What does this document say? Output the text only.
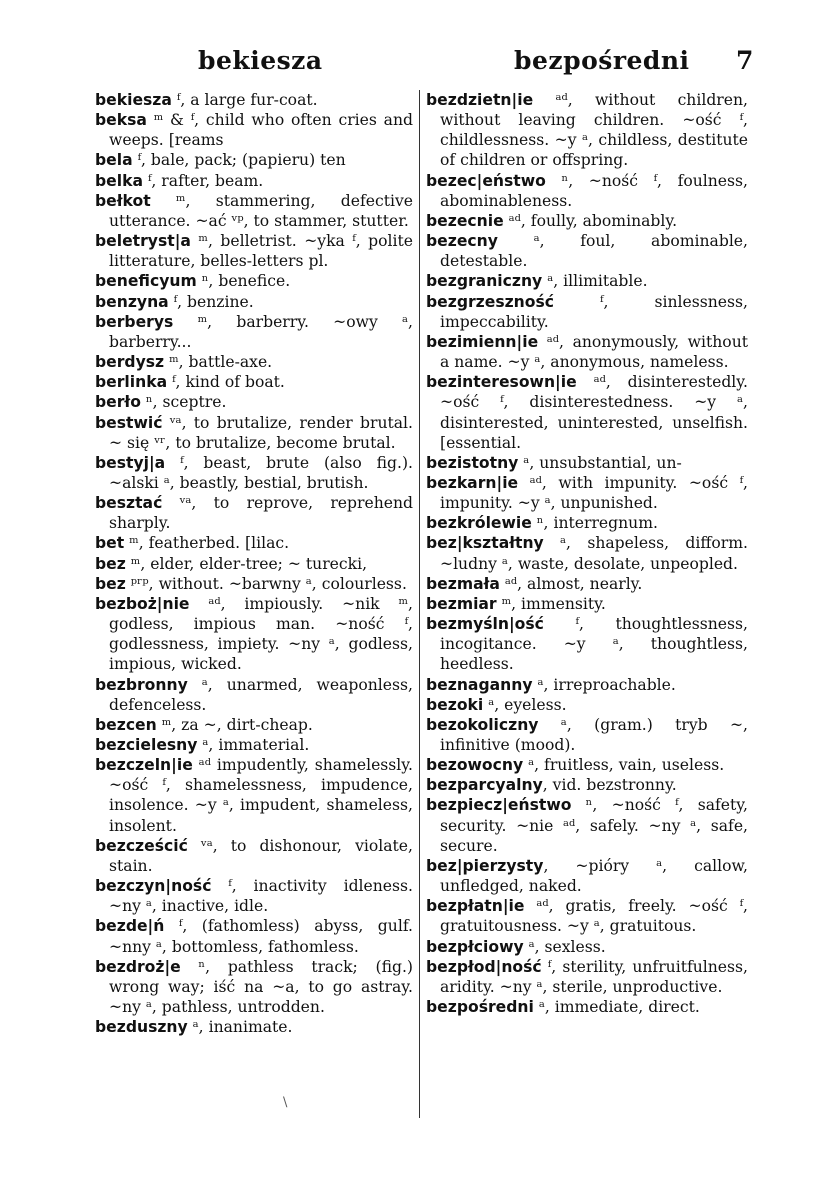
bekiesza	bezpośredni 7

bekiesza ᶠ, a large fur-coat.

beksa ᵐ & ᶠ, child who often cries and weeps. [reams

bela ᶠ, bale, pack; (papieru) ten

belka ᶠ, rafter, beam.

bełkot ᵐ, stammering, defective utterance. ~ać ᵛᵖ, to stammer, stutter.

beletryst|a ᵐ, belletrist. ~yka ᶠ, polite litterature, belles-letters pl.

beneficyum ⁿ, benefice.

benzyna ᶠ, benzine.

berberys ᵐ, barberry. ~owy ᵃ, barberry...

berdysz ᵐ, battle-axe.

berlinka ᶠ, kind of boat.

berło ⁿ, sceptre.

bestwić ᵛᵃ, to brutalize, render brutal. ~ się ᵛʳ, to brutalize, become brutal.

bestyj|a ᶠ, beast, brute (also fig.). ~alski ᵃ, beastly, bestial, brutish.

besztać ᵛᵃ, to reprove, reprehend sharply.

bet ᵐ, featherbed. [lilac.

bez ᵐ, elder, elder-tree; ~ turecki,

bez ᵖʳᵖ, without. ~barwny ᵃ, colourless.

bezboż|nie ᵃᵈ, impiously. ~nik ᵐ, godless, impious man. ~ność ᶠ, godlessness, impiety. ~ny ᵃ, godless, impious, wicked.

bezbronny ᵃ, unarmed, weaponless, defenceless.

bezcen ᵐ, za ~, dirt-cheap.

bezcielesny ᵃ, immaterial.

bezczeln|ie ᵃᵈ impudently, shamelessly. ~ość ᶠ, shamelessness, impudence, insolence. ~y ᵃ, impudent, shameless, insolent.

bezcześcić ᵛᵃ, to dishonour, violate, stain.

bezczyn|ność ᶠ, inactivity idleness. ~ny ᵃ, inactive, idle.

bezde|ń ᶠ, (fathomless) abyss, gulf. ~nny ᵃ, bottomless, fathomless.

bezdroż|e ⁿ, pathless track; (fig.) wrong way; iść na ~a, to go astray. ~ny ᵃ, pathless, untrodden.

bezduszny ᵃ, inanimate.

bezdzietn|ie ᵃᵈ, without children, without leaving children. ~ość ᶠ, childlessness. ~y ᵃ, childless, destitute of children or offspring.

bezec|eństwo ⁿ, ~ność ᶠ, foulness, abominableness.

bezecnie ᵃᵈ, foully, abominably.

bezecny ᵃ, foul, abominable, detestable.

bezgraniczny ᵃ, illimitable.

bezgrzeszność ᶠ, sinlessness, impeccability.

bezimienn|ie ᵃᵈ, anonymously, without a name. ~y ᵃ, anonymous, nameless.

bezinteresown|ie ᵃᵈ, disinterestedly. ~ość ᶠ, disinterestedness. ~y ᵃ, disinterested, uninterested, unselfish. [essential.

bezistotny ᵃ, unsubstantial, un-

bezkarn|ie ᵃᵈ, with impunity. ~ość ᶠ, impunity. ~y ᵃ, unpunished.

bezkrólewie ⁿ, interregnum.

bez|kształtny ᵃ, shapeless, difform. ~ludny ᵃ, waste, desolate, unpeopled.

bezmała ᵃᵈ, almost, nearly.

bezmiar ᵐ, immensity.

bezmyśln|ość ᶠ, thoughtlessness, incogitance. ~y ᵃ, thoughtless, heedless.

beznaganny ᵃ, irreproachable.

bezoki ᵃ, eyeless.

bezokoliczny ᵃ, (gram.) tryb ~, infinitive (mood).

bezowocny ᵃ, fruitless, vain, useless.

bezparcyalny, vid. bezstronny.

bezpiecz|eństwo ⁿ, ~ność ᶠ, safety, security. ~nie ᵃᵈ, safely. ~ny ᵃ, safe, secure.

bez|pierzysty, ~pióry ᵃ, callow, unfledged, naked.

bezpłatn|ie ᵃᵈ, gratis, freely. ~ość ᶠ, gratuitousness. ~y ᵃ, gratuitous.

bezpłciowy ᵃ, sexless.

bezpłod|ność ᶠ, sterility, unfruitfulness, aridity. ~ny ᵃ, sterile, unproductive.

bezpośredni ᵃ, immediate, direct.

\
